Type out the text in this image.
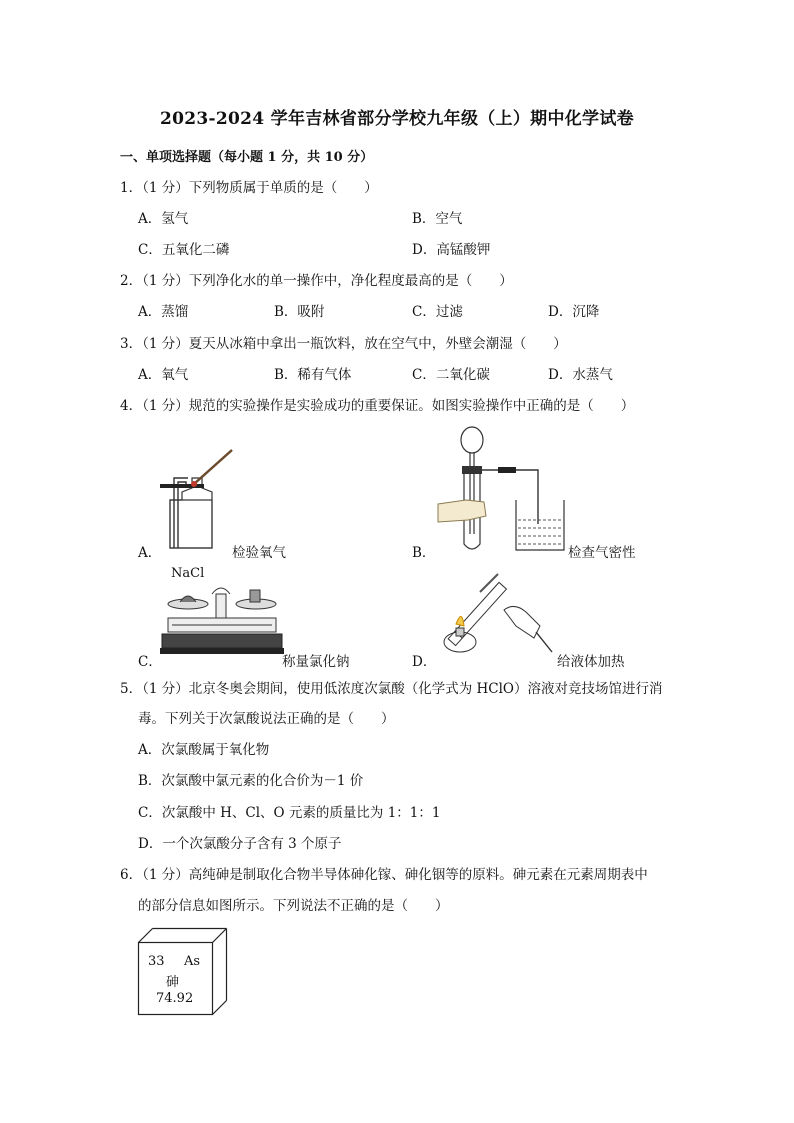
2023-2024 学年吉林省部分学校九年级（上）期中化学试卷
一、单项选择题（每小题 1 分，共 10 分）
1．（1 分）下列物质属于单质的是（　　）
A．氢气	B．空气
C．五氧化二磷	D．高锰酸钾
2．（1 分）下列净化水的单一操作中，净化程度最高的是（　　）
A．蒸馏	B．吸附	C．过滤	D．沉降
3．（1 分）夏天从冰箱中拿出一瓶饮料，放在空气中，外壁会潮湿（　　）
A．氧气	B．稀有气体	C．二氧化碳	D．水蒸气
4．（1 分）规范的实验操作是实验成功的重要保证。如图实验操作中正确的是（　　）
A．	检验氧气	B．	检查气密性
NaCl
C．	称量氯化钠	D．	给液体加热
5．（1 分）北京冬奥会期间，使用低浓度次氯酸（化学式为 HClO）溶液对竞技场馆进行消
毒。下列关于次氯酸说法正确的是（　　）
A．次氯酸属于氧化物
B．次氯酸中氯元素的化合价为－1 价
C．次氯酸中 H、Cl、O 元素的质量比为 1：1：1
D．一个次氯酸分子含有 3 个原子
6．（1 分）高纯砷是制取化合物半导体砷化镓、砷化铟等的原料。砷元素在元素周期表中
的部分信息如图所示。下列说法不正确的是（　　）
33 As
砷
74.92
